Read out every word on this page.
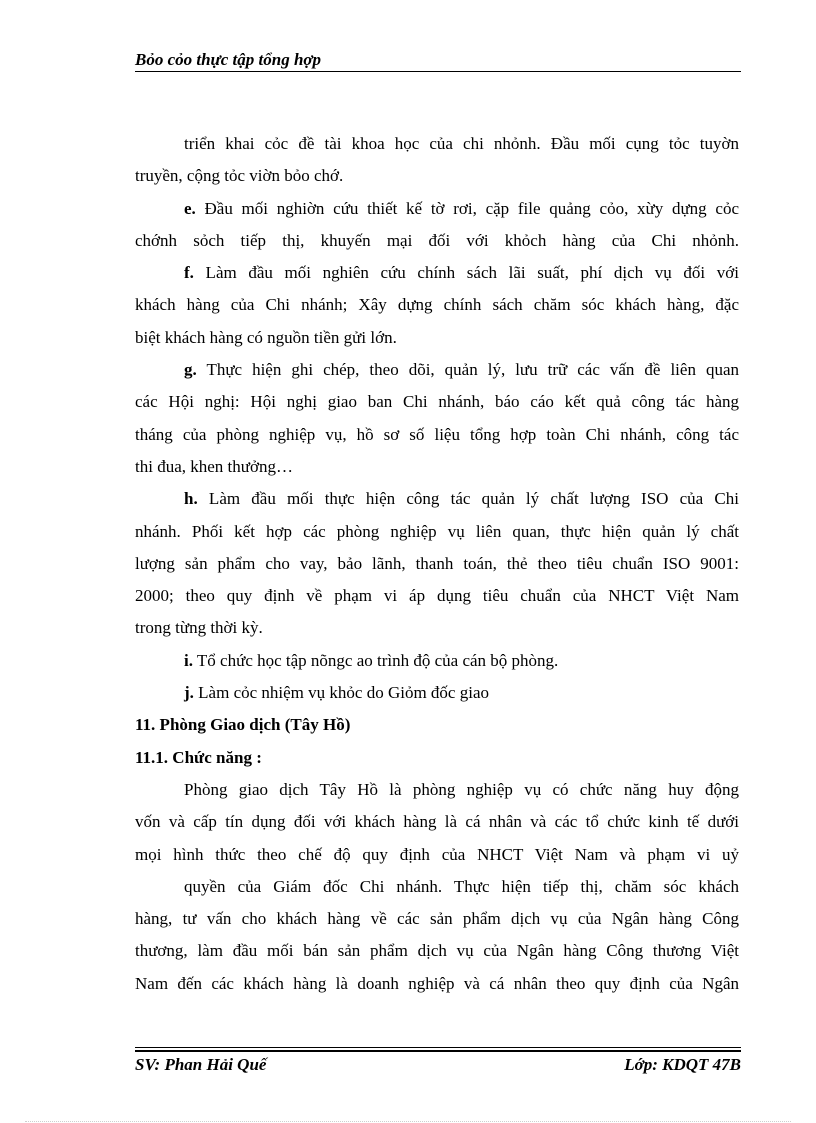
Bỏo cỏo thực tập tổng hợp
triển khai cỏc đề tài khoa học của chi nhỏnh. Đầu mối cụng tỏc tuyờn
truyền, cộng tỏc viờn bỏo chớ.
e. Đầu mối nghiờn cứu thiết kế tờ rơi, cặp file quảng cỏo, xừy dựng cỏc
chớnh sỏch tiếp thị, khuyến mại đối với khỏch hàng của Chi nhỏnh.
f. Làm đầu mối nghiên cứu chính sách lãi suất, phí dịch vụ đối với
khách hàng của Chi nhánh; Xây dựng chính sách chăm sóc khách hàng, đặc
biệt khách hàng có nguồn tiền gửi lớn.
g. Thực hiện ghi chép, theo dõi, quản lý, lưu trữ các vấn đề liên quan
các Hội nghị: Hội nghị giao ban Chi nhánh, báo cáo kết quả công tác hàng
tháng của phòng nghiệp vụ, hồ sơ số liệu tổng hợp toàn Chi nhánh, công tác
thi đua, khen thưởng…
h. Làm đầu mối thực hiện công tác quản lý chất lượng ISO của Chi
nhánh. Phối kết hợp các phòng nghiệp vụ liên quan, thực hiện quản lý chất
lượng sản phẩm cho vay, bảo lãnh, thanh toán, thẻ theo tiêu chuẩn ISO 9001:
2000; theo quy định về phạm vi áp dụng tiêu chuẩn của NHCT Việt Nam
trong từng thời kỳ.
i. Tổ chức học tập nõngc ao trình độ của cán bộ phòng.
j. Làm cỏc nhiệm vụ khỏc do Giỏm đốc giao
11. Phòng Giao dịch (Tây Hồ)
11.1. Chức năng :
Phòng giao dịch Tây Hồ là phòng nghiệp vụ có chức năng huy động
vốn và cấp tín dụng đối với khách hàng là cá nhân và các tổ chức kinh tế dưới
mọi hình thức theo chế độ quy định của NHCT Việt Nam và phạm vi uỷ
quyền của Giám đốc Chi nhánh. Thực hiện tiếp thị, chăm sóc khách
hàng, tư vấn cho khách hàng về các sản phẩm dịch vụ của Ngân hàng Công
thương, làm đầu mối bán sản phẩm dịch vụ của Ngân hàng Công thương Việt
Nam đến các khách hàng là doanh nghiệp và cá nhân theo quy định của Ngân
SV: Phan Hải Quế	Lớp: KDQT 47B
